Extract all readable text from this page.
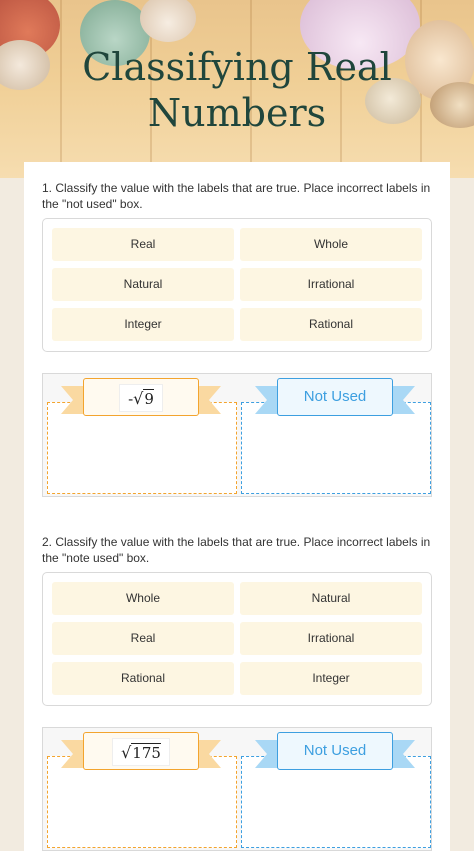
Classifying Real Numbers
1. Classify the value with the labels that are true. Place incorrect labels in the "not used" box.
Real	Whole
Natural	Irrational
Integer	Rational
-√9	Not Used
2. Classify the value with the labels that are true. Place incorrect labels in the "note used" box.
Whole	Natural
Real	Irrational
Rational	Integer
√175	Not Used
